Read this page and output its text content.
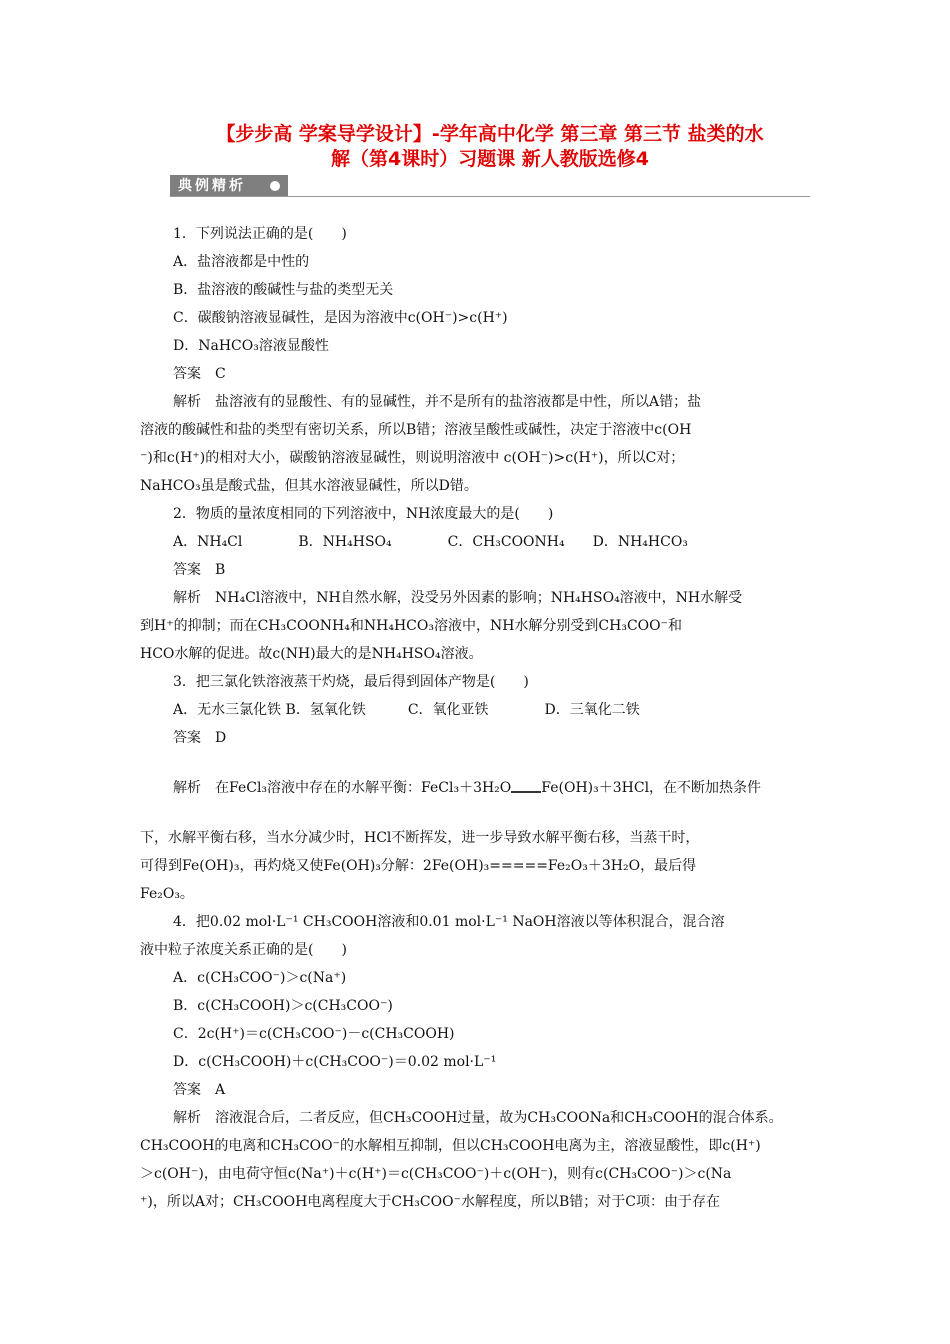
【步步高 学案导学设计】-学年高中化学 第三章 第三节 盐类的水
解（第4课时）习题课 新人教版选修4
典例精析

1．下列说法正确的是(　　)

A．盐溶液都是中性的

B．盐溶液的酸碱性与盐的类型无关

C．碳酸钠溶液显碱性，是因为溶液中c(OH⁻)>c(H⁺)

D．NaHCO₃溶液显酸性

答案　C

解析　盐溶液有的显酸性、有的显碱性，并不是所有的盐溶液都是中性，所以A错；盐

溶液的酸碱性和盐的类型有密切关系，所以B错；溶液呈酸性或碱性，决定于溶液中c(OH

⁻)和c(H⁺)的相对大小，碳酸钠溶液显碱性，则说明溶液中 c(OH⁻)>c(H⁺)，所以C对；

NaHCO₃虽是酸式盐，但其水溶液显碱性，所以D错。

2．物质的量浓度相同的下列溶液中，NH浓度最大的是(　　)

A．NH₄Cl　　　　B．NH₄HSO₄　　　　C．CH₃COONH₄　　D．NH₄HCO₃

答案　B

解析　NH₄Cl溶液中，NH自然水解，没受另外因素的影响；NH₄HSO₄溶液中，NH水解受

到H⁺的抑制；而在CH₃COONH₄和NH₄HCO₃溶液中，NH水解分别受到CH₃COO⁻和

HCO水解的促进。故c(NH)最大的是NH₄HSO₄溶液。

3．把三氯化铁溶液蒸干灼烧，最后得到固体产物是(　　)

A．无水三氯化铁 B．氢氧化铁　　　C．氧化亚铁　　　　D．三氧化二铁

答案　D

解析　在FeCl₃溶液中存在的水解平衡：FeCl₃＋3H₂O Fe(OH)₃＋3HCl，在不断加热条件

下，水解平衡右移，当水分减少时，HCl不断挥发，进一步导致水解平衡右移，当蒸干时，

可得到Fe(OH)₃，再灼烧又使Fe(OH)₃分解：2Fe(OH)₃=====Fe₂O₃＋3H₂O，最后得

Fe₂O₃。

4．把0.02 mol·L⁻¹ CH₃COOH溶液和0.01 mol·L⁻¹ NaOH溶液以等体积混合，混合溶

液中粒子浓度关系正确的是(　　)

A．c(CH₃COO⁻)＞c(Na⁺)

B．c(CH₃COOH)＞c(CH₃COO⁻)

C．2c(H⁺)＝c(CH₃COO⁻)－c(CH₃COOH)

D．c(CH₃COOH)＋c(CH₃COO⁻)＝0.02 mol·L⁻¹

答案　A

解析　溶液混合后，二者反应，但CH₃COOH过量，故为CH₃COONa和CH₃COOH的混合体系。

CH₃COOH的电离和CH₃COO⁻的水解相互抑制，但以CH₃COOH电离为主，溶液显酸性，即c(H⁺)

＞c(OH⁻)，由电荷守恒c(Na⁺)＋c(H⁺)＝c(CH₃COO⁻)＋c(OH⁻)，则有c(CH₃COO⁻)＞c(Na

⁺)，所以A对；CH₃COOH电离程度大于CH₃COO⁻水解程度，所以B错；对于C项：由于存在
